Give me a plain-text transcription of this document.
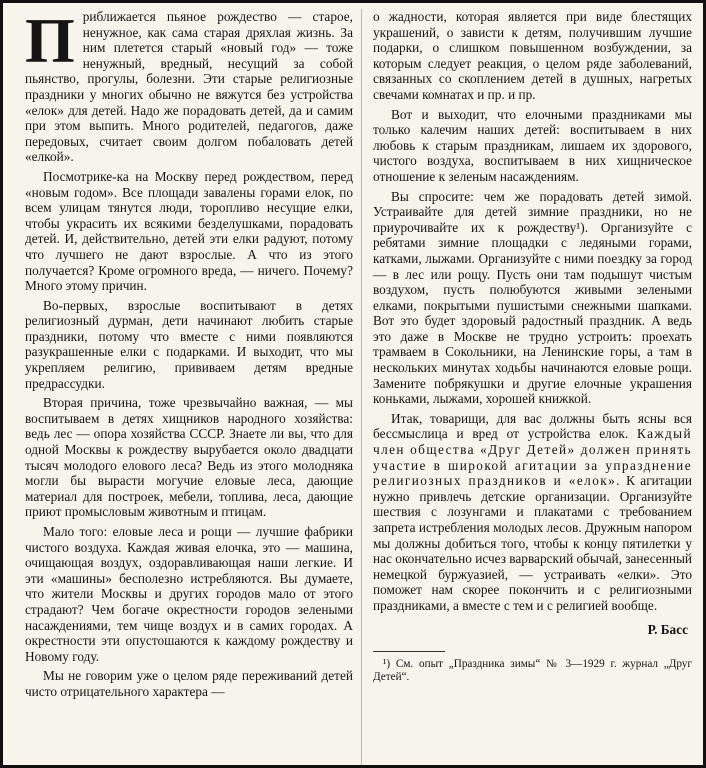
Приближается пьяное рождество — старое, ненужное, как сама старая дряхлая жизнь. За ним плетется старый «новый год» — тоже ненужный, вредный, несущий за собой пьянство, прогулы, болезни. Эти старые религиозные праздники у многих обычно не вяжутся без устройства «елок» для детей. Надо же порадовать детей, да и самим при этом выпить. Много родителей, педагогов, даже передовых, считает своим долгом побаловать детей «елкой».

Посмотрике-ка на Москву перед рождеством, перед «новым годом». Все площади завалены горами елок, по всем улицам тянутся люди, торопливо несущие елки, чтобы украсить их всякими безделушками, порадовать детей. И, действительно, детей эти елки радуют, потому что лучшего не дают взрослые. А что из этого получается? Кроме огромного вреда, — ничего. Почему? Много этому причин.

Во-первых, взрослые воспитывают в детях религиозный дурман, дети начинают любить старые праздники, потому что вместе с ними появляются разукрашенные елки с подарками. И выходит, что мы укрепляем религию, прививаем детям вредные предрассудки.

Вторая причина, тоже чрезвычайно важная, — мы воспитываем в детях хищников народного хозяйства: ведь лес — опора хозяйства СССР. Знаете ли вы, что для одной Москвы к рождеству вырубается около двадцати тысяч молодого елового леса? Ведь из этого молодняка могли бы вырасти могучие еловые леса, дающие материал для построек, мебели, топлива, леса, дающие приют промысловым животным и птицам.

Мало того: еловые леса и рощи — лучшие фабрики чистого воздуха. Каждая живая елочка, это — машина, очищающая воздух, оздоравливающая наши легкие. И эти «машины» бесполезно истребляются. Вы думаете, что жители Москвы и других городов мало от этого страдают? Чем богаче окрестности городов зелеными насаждениями, тем чище воздух и в самих городах. А окрестности эти опустошаются к каждому рождеству и Новому году.

Мы не говорим уже о целом ряде переживаний детей чисто отрицательного характера —

о жадности, которая является при виде блестящих украшений, о зависти к детям, получившим лучшие подарки, о слишком повышенном возбуждении, за которым следует реакция, о целом ряде заболеваний, связанных со скоплением детей в душных, нагретых свечами комнатах и пр. и пр.

Вот и выходит, что елочными праздниками мы только калечим наших детей: воспитываем в них любовь к старым праздникам, лишаем их здорового, чистого воздуха, воспитываем в них хищническое отношение к зеленым насаждениям.

Вы спросите: чем же порадовать детей зимой. Устраивайте для детей зимние праздники, но не приурочивайте их к рождеству¹). Организуйте с ребятами зимние площадки с ледяными горами, катками, лыжами. Организуйте с ними поездку за город — в лес или рощу. Пусть они там подышут чистым воздухом, пусть полюбуются живыми зелеными елками, покрытыми пушистыми снежными шапками. Вот это будет здоровый радостный праздник. А ведь это даже в Москве не трудно устроить: проехать трамваем в Сокольники, на Ленинские горы, а там в нескольких минутах ходьбы начинаются еловые рощи. Замените побрякушки и другие елочные украшения коньками, лыжами, хорошей книжкой.

Итак, товарищи, для вас должны быть ясны вся бессмыслица и вред от устройства елок. Каждый член общества «Друг Детей» должен принять участие в широкой агитации за упразднение религиозных праздников и «елок». К агитации нужно привлечь детские организации. Организуйте шествия с лозунгами и плакатами с требованием запрета истребления молодых лесов. Дружным напором мы должны добиться того, чтобы к концу пятилетки у нас окончательно исчез варварский обычай, занесенный немецкой буржуазией, — устраивать «елки». Это поможет нам скорее покончить и с религиозными праздниками, а вместе с тем и с религией вообще.

Р. Басс

¹) См. опыт „Праздника зимы“ № 3—1929 г. журнал „Друг Детей“.
